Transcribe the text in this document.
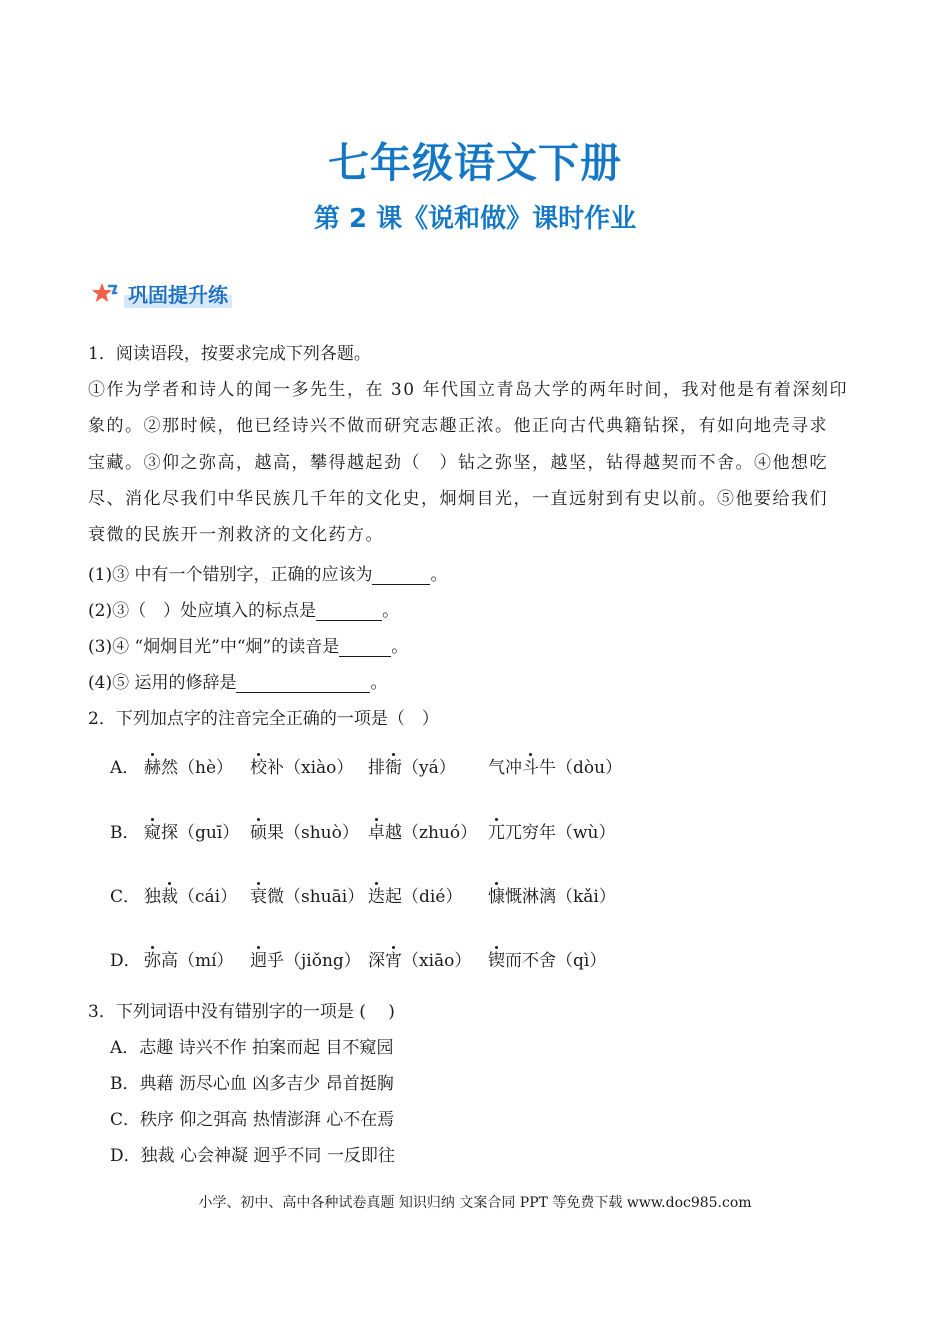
七年级语文下册
第 2 课《说和做》课时作业
巩固提升练
1．阅读语段，按要求完成下列各题。
①作为学者和诗人的闻一多先生，在 30 年代国立青岛大学的两年时间，我对他是有着深刻印
象的。②那时候，他已经诗兴不做而研究志趣正浓。他正向古代典籍钻探，有如向地壳寻求
宝藏。③仰之弥高，越高，攀得越起劲（　）钻之弥坚，越坚，钻得越契而不舍。④他想吃
尽、消化尽我们中华民族几千年的文化史，炯炯目光，一直远射到有史以前。⑤他要给我们
衰微的民族开一剂救济的文化药方。
(1)③ 中有一个错别字，正确的应该为	。
(2)③（　）处应填入的标点是	。
(3)④ “炯炯目光”中“炯”的读音是	。
(4)⑤ 运用的修辞是	。
2．下列加点字的注音完全正确的一项是（　）
A． 赫然（hè） 校补（xiào） 排衙（yá） 气冲斗牛（dòu）
B． 窥探（guī） 硕果（shuò） 卓越（zhuó） 兀兀穷年（wù）
C． 独裁（cái） 衰微（shuāi） 迭起（dié） 慷慨淋漓（kǎi）
D． 弥高（mí） 迥乎（jiǒng） 深宵（xiāo） 锲而不舍（qì）
3．下列词语中没有错别字的一项是 (　 )
A．志趣 诗兴不作 拍案而起 目不窥园
B．典藉 沥尽心血 凶多吉少 昂首挺胸
C．秩序 仰之弭高 热情澎湃 心不在焉
D．独裁 心会神凝 迥乎不同 一反即往
小学、初中、高中各种试卷真题 知识归纳 文案合同 PPT 等免费下载 www.doc985.com
